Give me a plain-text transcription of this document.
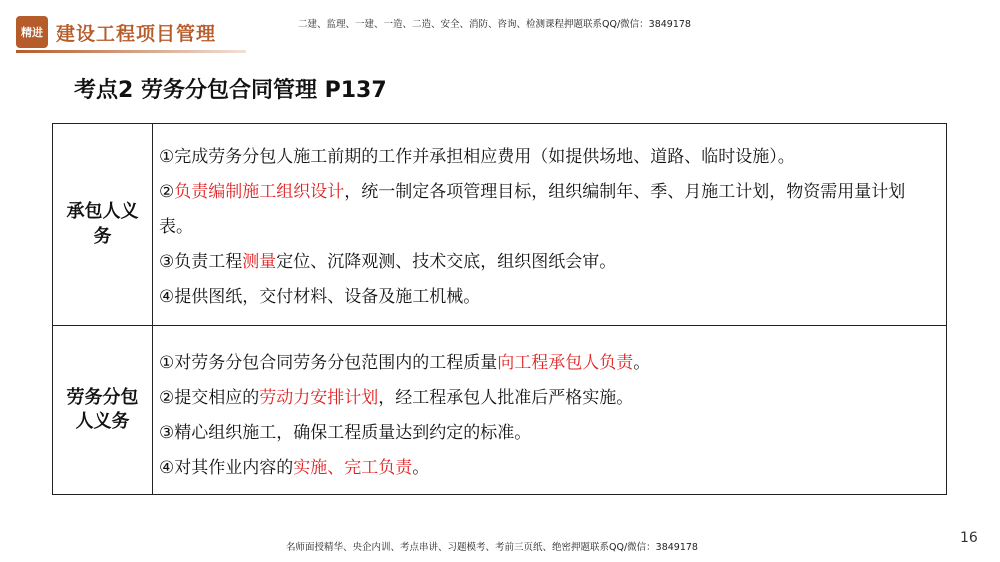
精进 建设工程项目管理	二建、监理、一建、一造、二造、安全、消防、咨询、检测课程押题联系QQ/微信：3849178
考点2 劳务分包合同管理 P137
承包人义务
①完成劳务分包人施工前期的工作并承担相应费用（如提供场地、道路、临时设施）。
②负责编制施工组织设计，统一制定各项管理目标，组织编制年、季、月施工计划，物资需用量计划表。
③负责工程测量定位、沉降观测、技术交底，组织图纸会审。
④提供图纸，交付材料、设备及施工机械。
劳务分包人义务
①对劳务分包合同劳务分包范围内的工程质量向工程承包人负责。
②提交相应的劳动力安排计划，经工程承包人批准后严格实施。
③精心组织施工，确保工程质量达到约定的标准。
④对其作业内容的实施、完工负责。
16
名师面授精华、央企内训、考点串讲、习题模考、考前三页纸、绝密押题联系QQ/微信：3849178
